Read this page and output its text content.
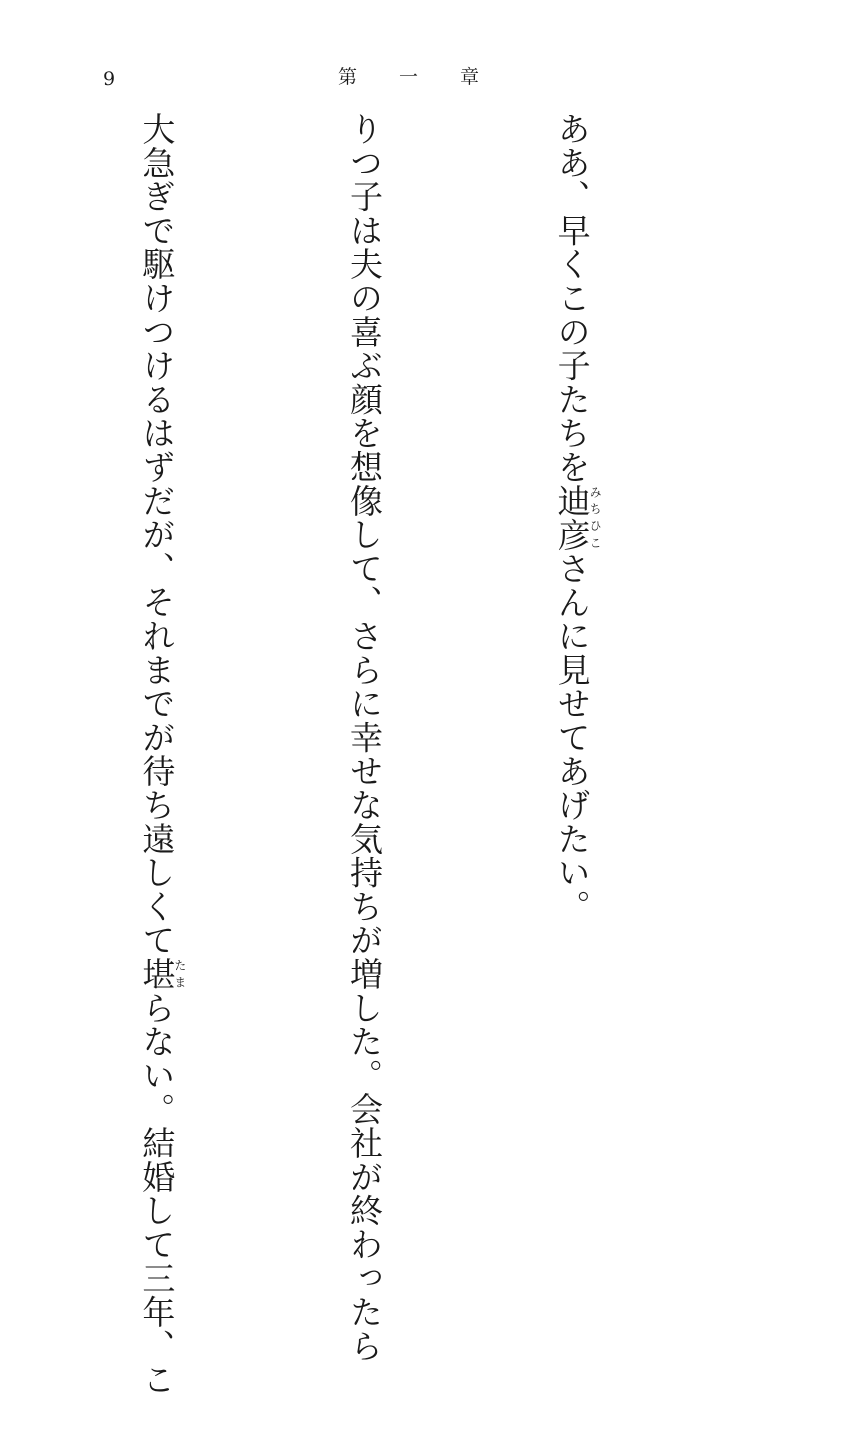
9	第一章

ああ、早くこの子たちを迪彦みちひこさんに見せてあげたい。

りつ子は夫の喜ぶ顔を想像して、さらに幸せな気持ちが増した。会社が終わったら

大急ぎで駆けつけるはずだが、それまでが待ち遠しくて堪たまらない。結婚して三年、こ
